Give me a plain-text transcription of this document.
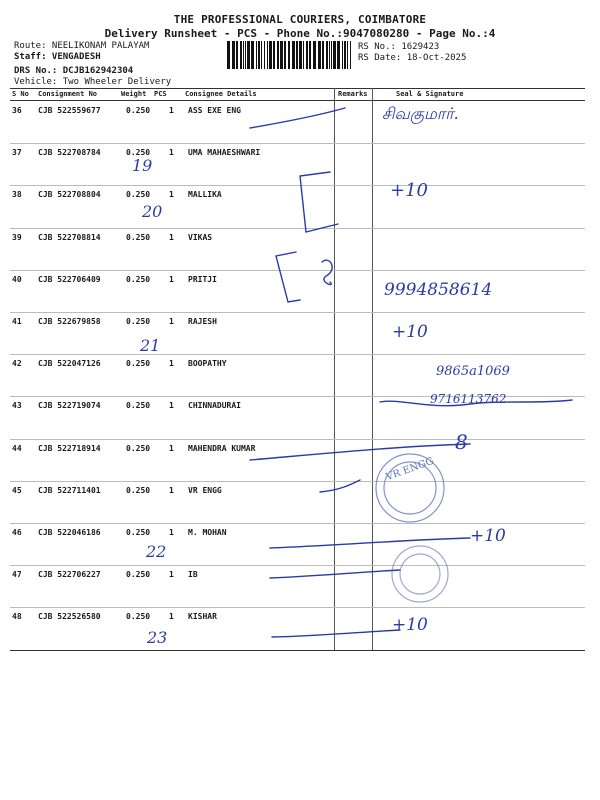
THE PROFESSIONAL COURIERS, COIMBATORE
Delivery Runsheet - PCS - Phone No.:9047080280 - Page No.:4
Route: NEELIKONAM PALAYAM
Staff: VENGADESH
DRS No.: DCJB162942304
Vehicle: Two Wheeler Delivery
RS No.: 1629423
RS Date: 18-Oct-2025
S No Consignment No	Weight PCS	Consignee Details	Remarks	Seal & Signature
36 CJB 522559677	0.250 1 ASS EXE ENG	சிவகுமார்.
37 CJB 522708784	0.250 1 UMA MAHAESHWARI
19
38 CJB 522708804	0.250 1 MALLIKA
20
+10
39 CJB 522708814	0.250 1 VIKAS
40 CJB 522706409	0.250 1 PRITJI
9994858614
41 CJB 522679858	0.250 1 RAJESH
21
+10
42 CJB 522047126	0.250 1 BOOPATHY
9865a1069
43 CJB 522719074	0.250 1 CHINNADURAI	9716113762
44 CJB 522718914	0.250 1 MAHENDRA KUMAR	8
45 CJB 522711401	0.250 1 VR ENGG
VR ENGG
46 CJB 522046186	0.250 1 M. MOHAN
22
+10
47 CJB 522706227	0.250 1 IB
48 CJB 522526580	0.250 1 KISHAR
23
+10
